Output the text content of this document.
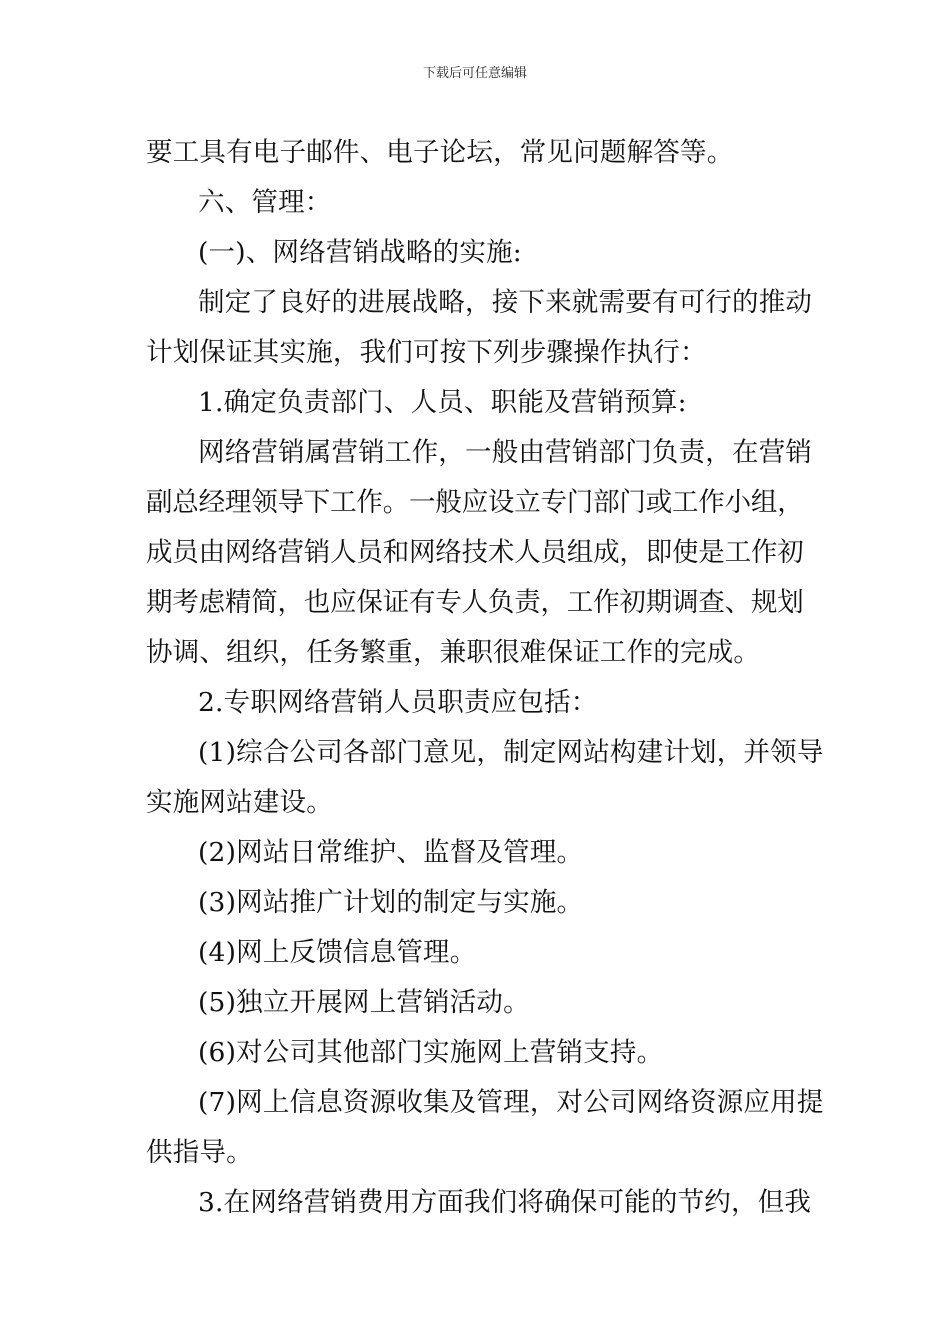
下载后可任意编辑
要工具有电子邮件、电子论坛，常见问题解答等。
六、管理：
(一)、网络营销战略的实施:
制定了良好的进展战略，接下来就需要有可行的推动
计划保证其实施，我们可按下列步骤操作执行：
1.确定负责部门、人员、职能及营销预算:
网络营销属营销工作，一般由营销部门负责，在营销
副总经理领导下工作。一般应设立专门部门或工作小组，
成员由网络营销人员和网络技术人员组成，即使是工作初
期考虑精简，也应保证有专人负责，工作初期调查、规划
协调、组织，任务繁重，兼职很难保证工作的完成。
2.专职网络营销人员职责应包括：
(1)综合公司各部门意见，制定网站构建计划，并领导
实施网站建设。
(2)网站日常维护、监督及管理。
(3)网站推广计划的制定与实施。
(4)网上反馈信息管理。
(5)独立开展网上营销活动。
(6)对公司其他部门实施网上营销支持。
(7)网上信息资源收集及管理，对公司网络资源应用提
供指导。
3.在网络营销费用方面我们将确保可能的节约，但我
